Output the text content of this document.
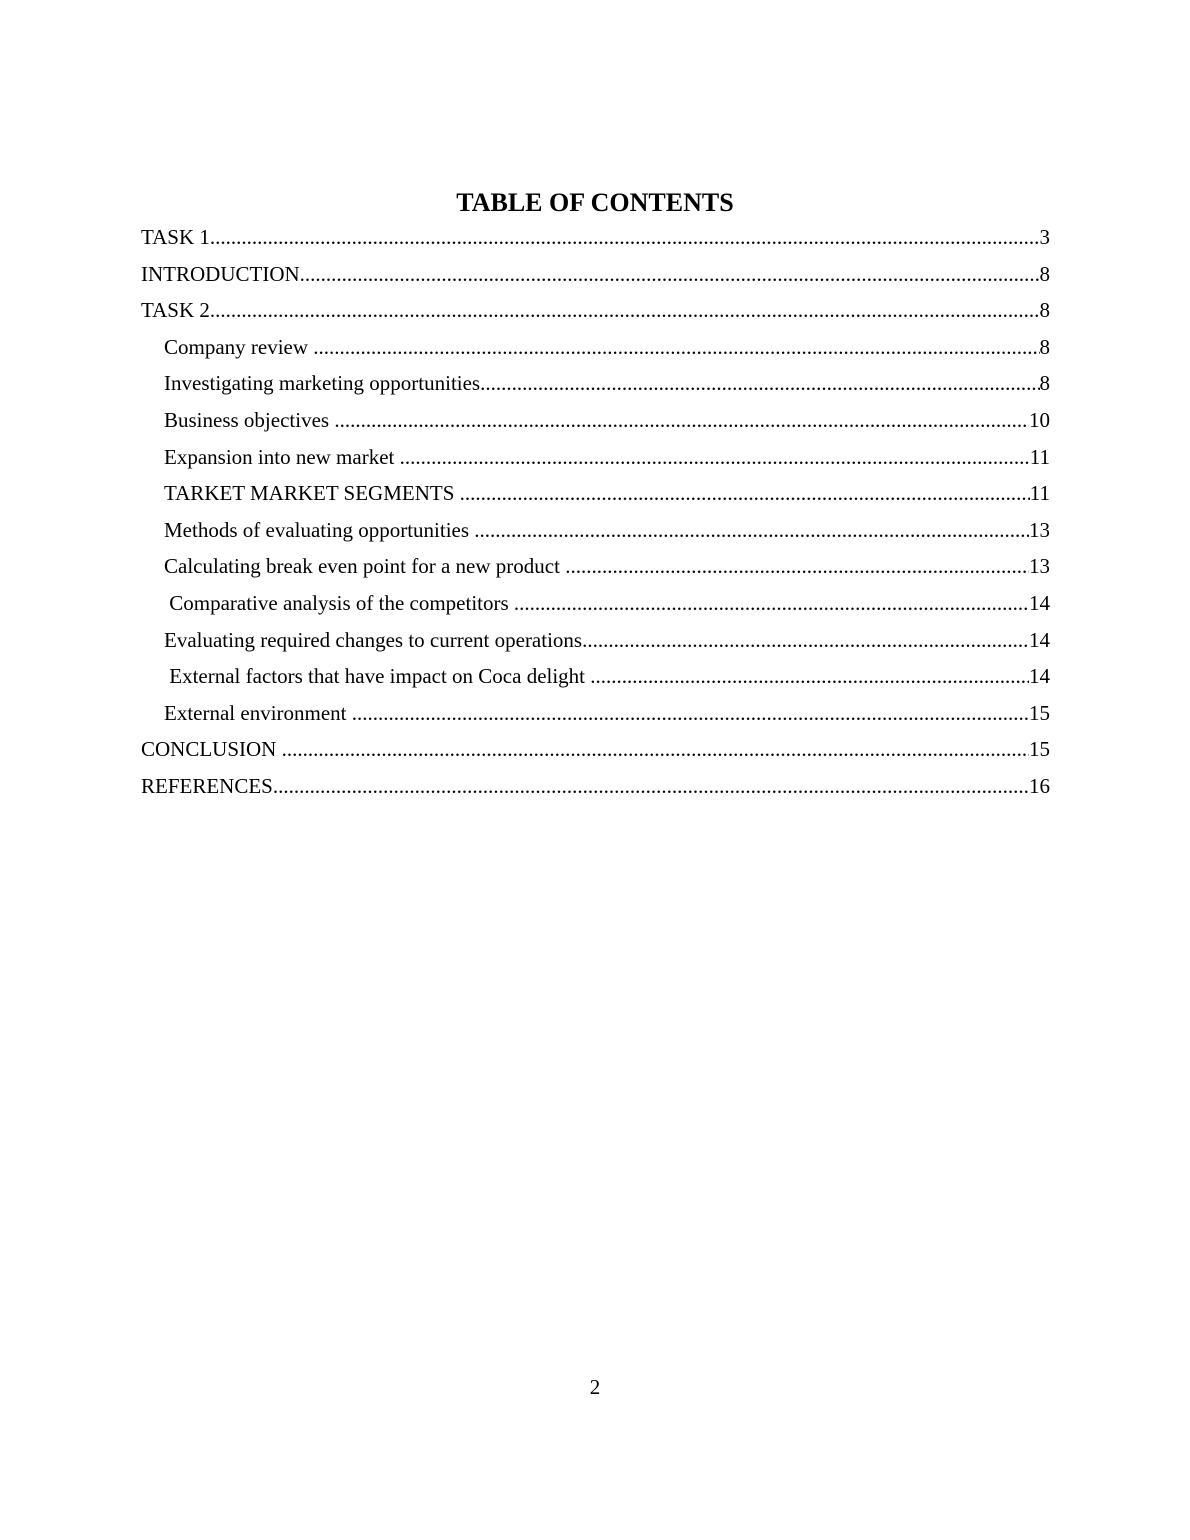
TABLE OF CONTENTS
TASK 1 .....	3
INTRODUCTION .....	8
TASK 2 .....	8
Company review .....	8
Investigating marketing opportunities .....	8
Business objectives .....	10
Expansion into new market .....	11
TARKET MARKET SEGMENTS .....	11
Methods of evaluating opportunities .....	13
Calculating break even point for a new product .....	13
Comparative analysis of the competitors .....	14
Evaluating required changes to current operations .....	14
External factors that have impact on Coca delight .....	14
External environment .....	15
CONCLUSION .....	15
REFERENCES .....	16
2
